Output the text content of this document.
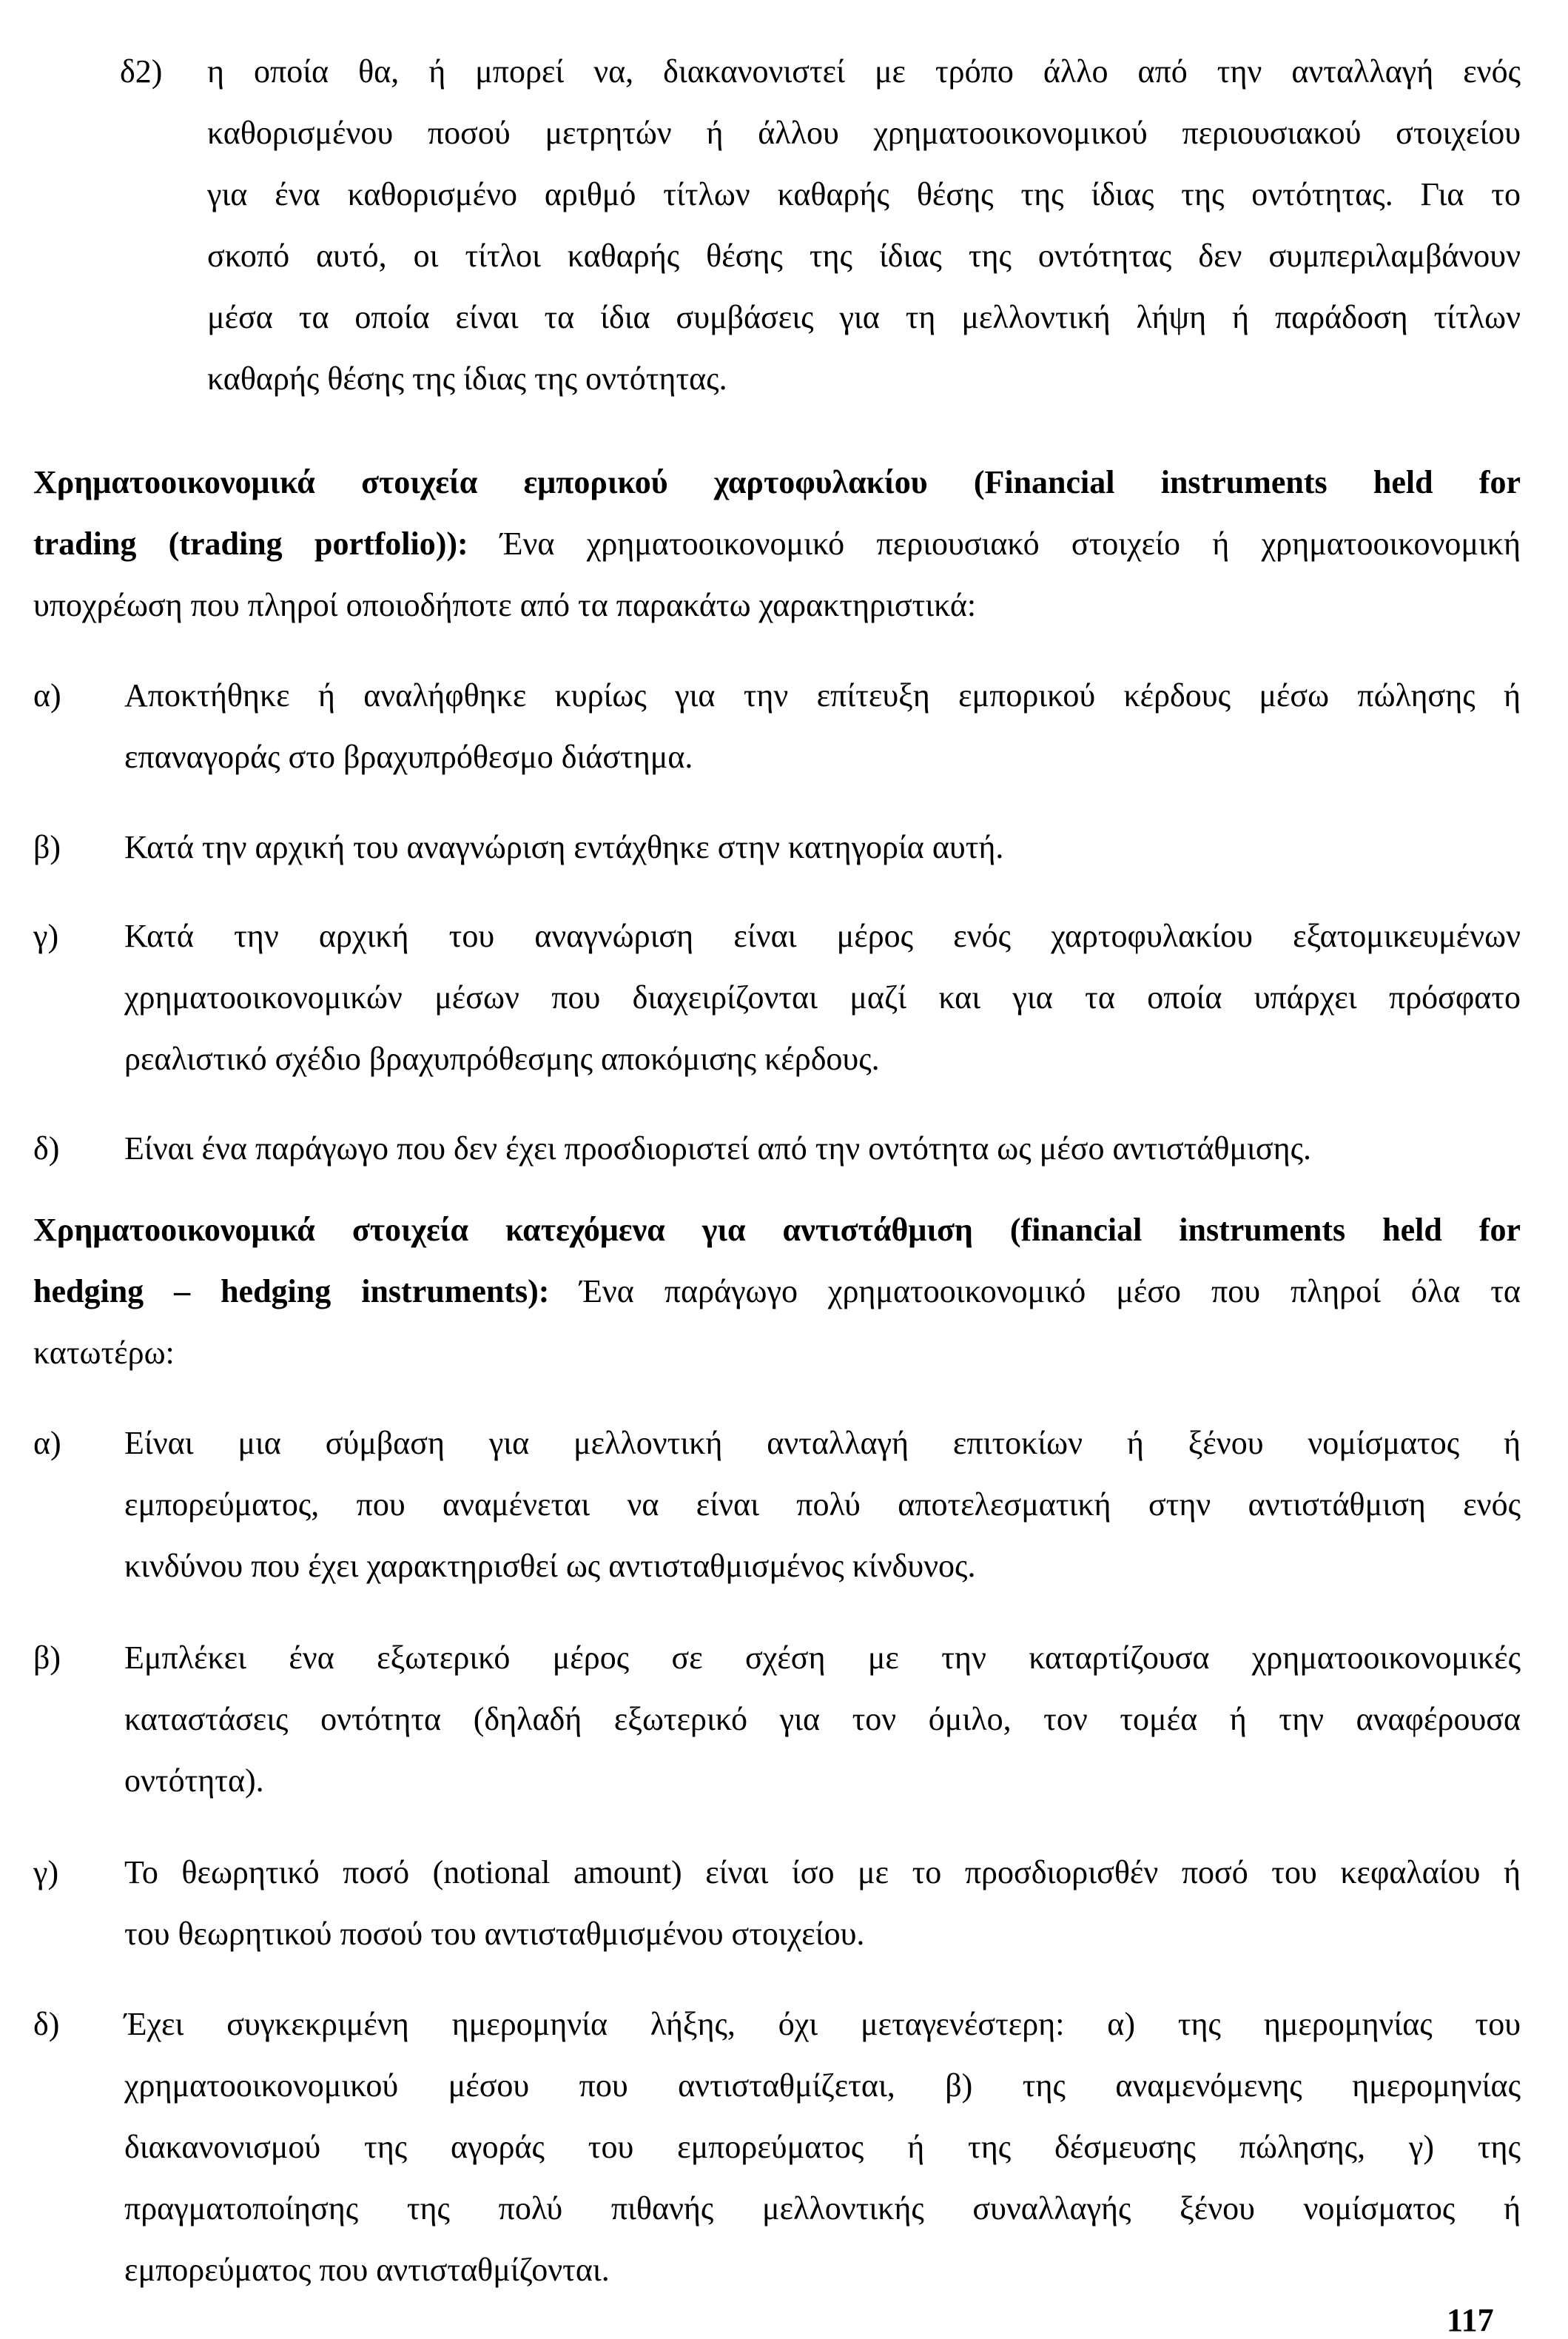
δ2) η οποία θα, ή μπορεί να, διακανονιστεί με τρόπο άλλο από την ανταλλαγή ενός
καθορισμένου ποσού μετρητών ή άλλου χρηματοοικονομικού περιουσιακού στοιχείου
για ένα καθορισμένο αριθμό τίτλων καθαρής θέσης της ίδιας της οντότητας. Για το
σκοπό αυτό, οι τίτλοι καθαρής θέσης της ίδιας της οντότητας δεν συμπεριλαμβάνουν
μέσα τα οποία είναι τα ίδια συμβάσεις για τη μελλοντική λήψη ή παράδοση τίτλων
καθαρής θέσης της ίδιας της οντότητας.
Χρηματοοικονομικά στοιχεία εμπορικού χαρτοφυλακίου (Financial instruments held for
trading (trading portfolio)): Ένα χρηματοοικονομικό περιουσιακό στοιχείο ή χρηματοοικονομική
υποχρέωση που πληροί οποιοδήποτε από τα παρακάτω χαρακτηριστικά:
α) Αποκτήθηκε ή αναλήφθηκε κυρίως για την επίτευξη εμπορικού κέρδους μέσω πώλησης ή
επαναγοράς στο βραχυπρόθεσμο διάστημα.
β) Κατά την αρχική του αναγνώριση εντάχθηκε στην κατηγορία αυτή.
γ) Κατά την αρχική του αναγνώριση είναι μέρος ενός χαρτοφυλακίου εξατομικευμένων
χρηματοοικονομικών μέσων που διαχειρίζονται μαζί και για τα οποία υπάρχει πρόσφατο
ρεαλιστικό σχέδιο βραχυπρόθεσμης αποκόμισης κέρδους.
δ) Είναι ένα παράγωγο που δεν έχει προσδιοριστεί από την οντότητα ως μέσο αντιστάθμισης.
Χρηματοοικονομικά στοιχεία κατεχόμενα για αντιστάθμιση (financial instruments held for
hedging – hedging instruments): Ένα παράγωγο χρηματοοικονομικό μέσο που πληροί όλα τα
κατωτέρω:
α) Είναι μια σύμβαση για μελλοντική ανταλλαγή επιτοκίων ή ξένου νομίσματος ή
εμπορεύματος, που αναμένεται να είναι πολύ αποτελεσματική στην αντιστάθμιση ενός
κινδύνου που έχει χαρακτηρισθεί ως αντισταθμισμένος κίνδυνος.
β) Εμπλέκει ένα εξωτερικό μέρος σε σχέση με την καταρτίζουσα χρηματοοικονομικές
καταστάσεις οντότητα (δηλαδή εξωτερικό για τον όμιλο, τον τομέα ή την αναφέρουσα
οντότητα).
γ) Το θεωρητικό ποσό (notional amount) είναι ίσο με το προσδιορισθέν ποσό του κεφαλαίου ή
του θεωρητικού ποσού του αντισταθμισμένου στοιχείου.
δ) Έχει συγκεκριμένη ημερομηνία λήξης, όχι μεταγενέστερη: α) της ημερομηνίας του
χρηματοοικονομικού μέσου που αντισταθμίζεται, β) της αναμενόμενης ημερομηνίας
διακανονισμού της αγοράς του εμπορεύματος ή της δέσμευσης πώλησης, γ) της
πραγματοποίησης της πολύ πιθανής μελλοντικής συναλλαγής ξένου νομίσματος ή
εμπορεύματος που αντισταθμίζονται.
117
